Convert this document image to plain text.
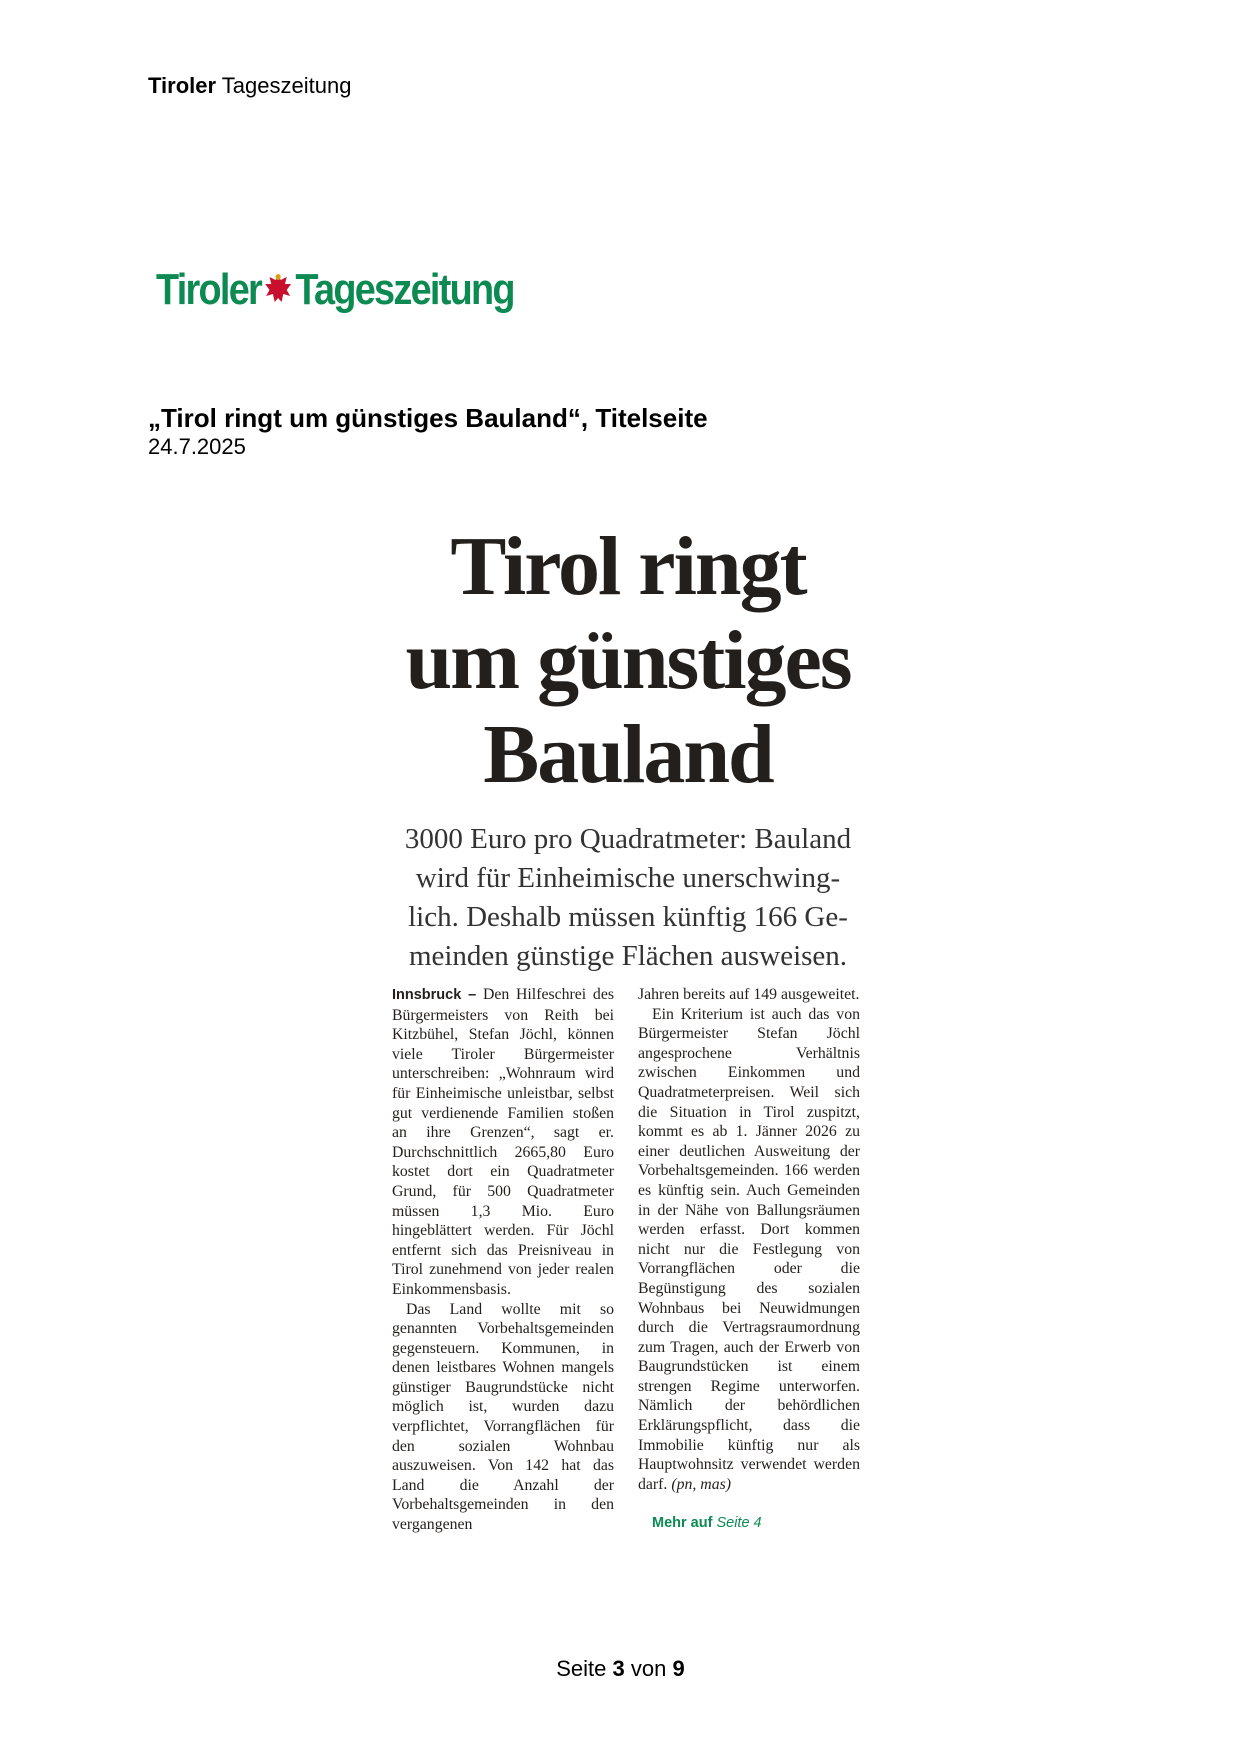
Tiroler Tageszeitung
Tiroler Tageszeitung
„Tirol ringt um günstiges Bauland“, Titelseite
24.7.2025
Tirol ringt
um günstiges
Bauland

3000 Euro pro Quadratmeter: Bauland
wird für Einheimische unerschwing-
lich. Deshalb müssen künftig 166 Ge-
meinden günstige Flächen ausweisen.

Innsbruck – Den Hilfeschrei des Bürgermeisters von Reith bei Kitzbühel, Stefan Jöchl, können viele Tiroler Bürgermeister unterschreiben: „Wohnraum wird für Einheimische unleistbar, selbst gut verdienende Familien stoßen an ihre Grenzen“, sagt er. Durchschnittlich 2665,80 Euro kostet dort ein Quadratmeter Grund, für 500 Quadratmeter müssen 1,3 Mio. Euro hingeblättert werden. Für Jöchl entfernt sich das Preisniveau in Tirol zunehmend von jeder realen Einkommensbasis.

Das Land wollte mit so genannten Vorbehaltsgemeinden gegensteuern. Kommunen, in denen leistbares Wohnen mangels günstiger Baugrundstücke nicht möglich ist, wurden dazu verpflichtet, Vorrangflächen für den sozialen Wohnbau auszuweisen. Von 142 hat das Land die Anzahl der Vorbehaltsgemeinden in den vergangenen

Jahren bereits auf 149 ausgeweitet.

Ein Kriterium ist auch das von Bürgermeister Stefan Jöchl angesprochene Verhältnis zwischen Einkommen und Quadratmeterpreisen. Weil sich die Situation in Tirol zuspitzt, kommt es ab 1. Jänner 2026 zu einer deutlichen Ausweitung der Vorbehaltsgemeinden. 166 werden es künftig sein. Auch Gemeinden in der Nähe von Ballungsräumen werden erfasst. Dort kommen nicht nur die Festlegung von Vorrangflächen oder die Begünstigung des sozialen Wohnbaus bei Neuwidmungen durch die Vertragsraumordnung zum Tragen, auch der Erwerb von Baugrundstücken ist einem strengen Regime unterworfen. Nämlich der behördlichen Erklärungspflicht, dass die Immobilie künftig nur als Hauptwohnsitz verwendet werden darf. (pn, mas)

Mehr auf Seite 4

Seite 3 von 9
